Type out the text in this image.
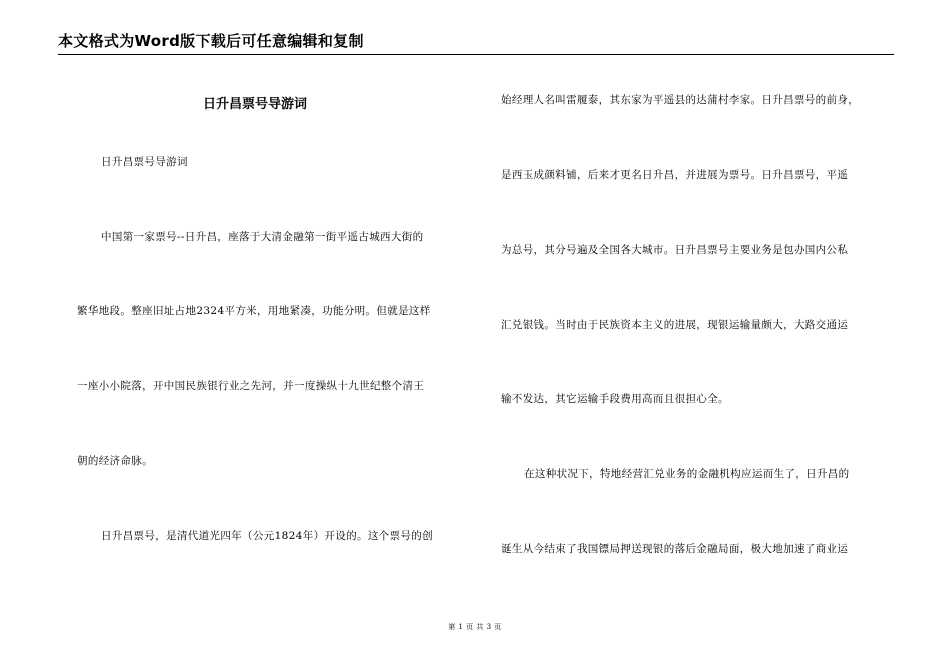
本文格式为Word版下载后可任意编辑和复制
日升昌票号导游词
日升昌票号导游词
中国第一家票号--日升昌，座落于大清金融第一街平遥古城西大街的
繁华地段。整座旧址占地2324平方米，用地紧凑，功能分明。但就是这样
一座小小院落，开中国民族银行业之先河，并一度操纵十九世纪整个清王
朝的经济命脉。
日升昌票号，是清代道光四年（公元1824年）开设的。这个票号的创
始经理人名叫雷履泰，其东家为平遥县的达蒲村李家。日升昌票号的前身，
是西玉成颜料铺，后来才更名日升昌，并进展为票号。日升昌票号，平遥
为总号，其分号遍及全国各大城市。日升昌票号主要业务是包办国内公私
汇兑银钱。当时由于民族资本主义的进展，现银运输量颇大，大路交通运
输不发达，其它运输手段费用高而且很担心全。
在这种状况下，特地经营汇兑业务的金融机构应运而生了，日升昌的
诞生从今结束了我国镖局押送现银的落后金融局面，极大地加速了商业运
第 1 页 共 3 页
